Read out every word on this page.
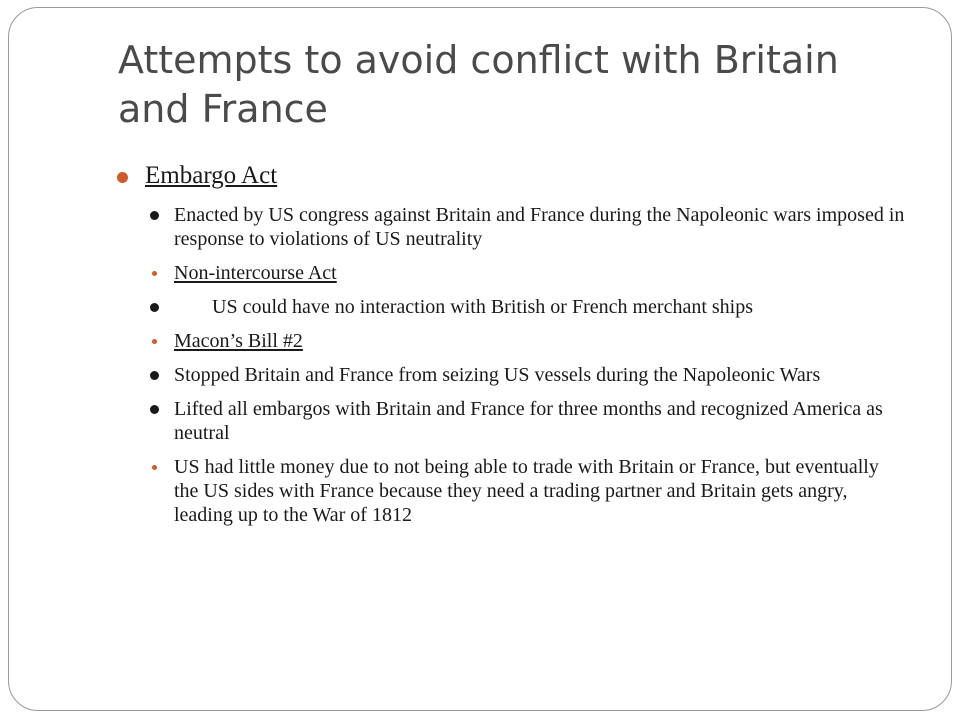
Attempts to avoid conflict with Britain and France
Embargo Act
Enacted by US congress against Britain and France during the Napoleonic wars imposed in response to violations of US neutrality
Non-intercourse Act
US could have no interaction with British or French merchant ships
Macon’s Bill #2
Stopped Britain and France from seizing US vessels during the Napoleonic Wars
Lifted all embargos with Britain and France for three months and recognized America as neutral
US had little money due to not being able to trade with Britain or France, but eventually the US sides with France because they need a trading partner and Britain gets angry, leading up to the War of 1812
